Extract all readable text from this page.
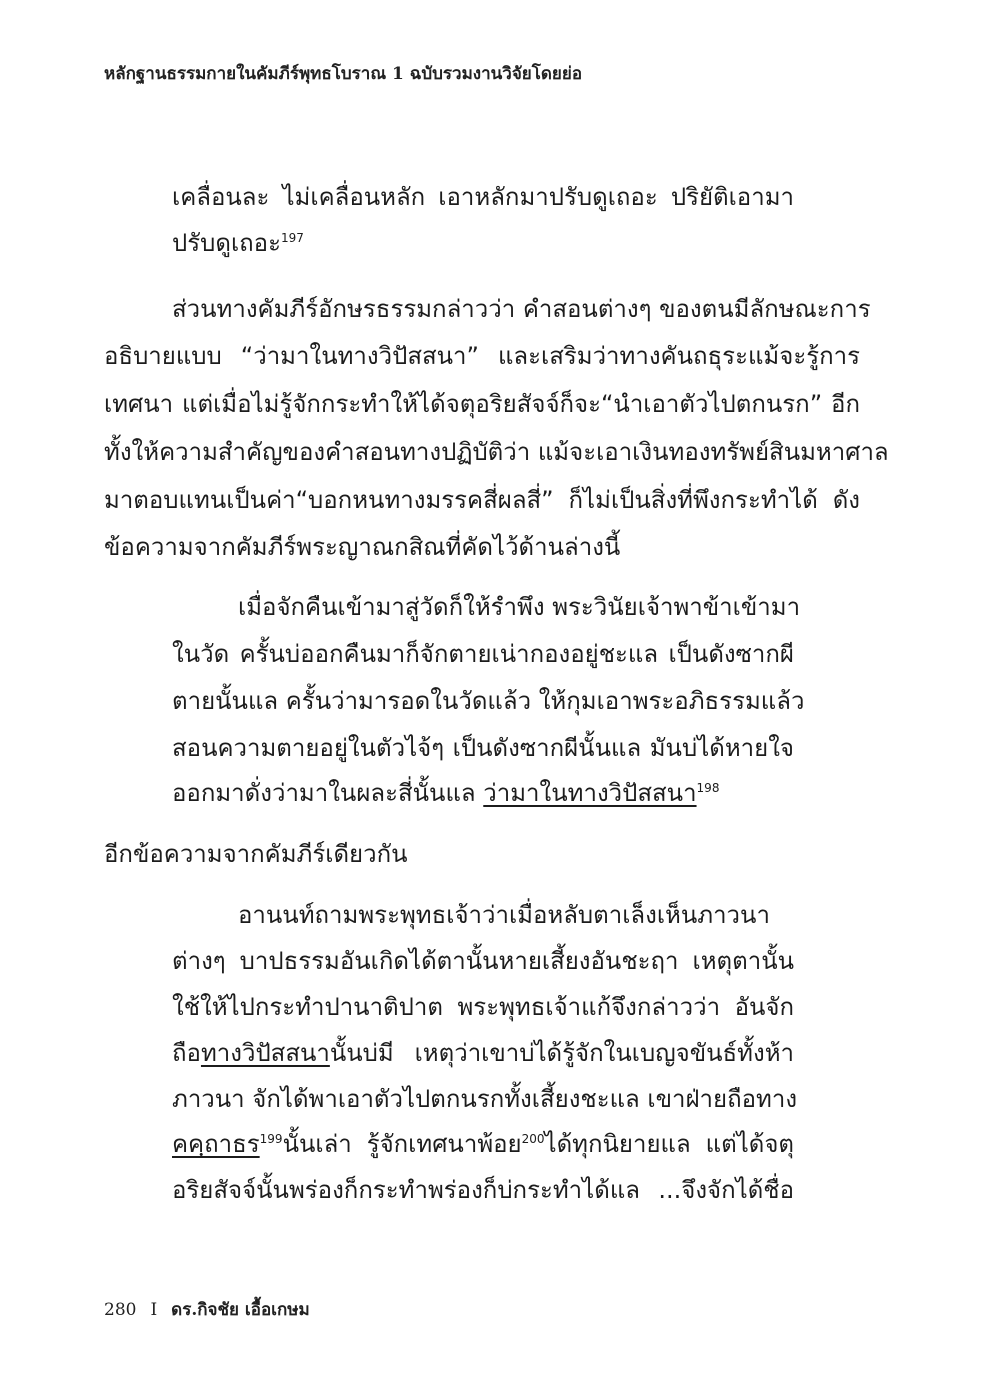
หลักฐานธรรมกายในคัมภีร์พุทธโบราณ 1 ฉบับรวมงานวิจัยโดยย่อ
เคลื่อนละ ไม่เคลื่อนหลัก เอาหลักมาปรับดูเถอะ ปริยัติเอามา
ปรับดูเถอะ$^{197}$
ส่วนทางคัมภีร์อักษรธรรมกล่าวว่า คำสอนต่างๆ ของตนมีลักษณะการ
อธิบายแบบ “ว่ามาในทางวิปัสสนา” และเสริมว่าทางคันถธุระแม้จะรู้การ
เทศนา แต่เมื่อไม่รู้จักกระทำให้ได้จตุอริยสัจจ์ก็จะ“นำเอาตัวไปตกนรก” อีก
ทั้งให้ความสำคัญของคำสอนทางปฏิบัติว่า แม้จะเอาเงินทองทรัพย์สินมหาศาล
มาตอบแทนเป็นค่า“บอกหนทางมรรคสี่ผลสี่” ก็ไม่เป็นสิ่งที่พึงกระทำได้ ดัง
ข้อความจากคัมภีร์พระญาณกสิณที่คัดไว้ด้านล่างนี้
เมื่อจักคืนเข้ามาสู่วัดก็ให้รำพึง พระวินัยเจ้าพาข้าเข้ามา
ในวัด ครั้นบ่ออกคืนมาก็จักตายเน่ากองอยู่ชะแล เป็นดังซากผี
ตายนั้นแล ครั้นว่ามารอดในวัดแล้ว ให้กุมเอาพระอภิธรรมแล้ว
สอนความตายอยู่ในตัวไจ้ๆ เป็นดังซากผีนั้นแล มันบ่ได้หายใจ
ออกมาดั่งว่ามาในผละสี่นั้นแล ว่ามาในทางวิปัสสนา$^{198}$
อีกข้อความจากคัมภีร์เดียวกัน
อานนท์ถามพระพุทธเจ้าว่าเมื่อหลับตาเล็งเห็นภาวนา
ต่างๆ บาปธรรมอันเกิดได้ตานั้นหายเสี้ยงอันชะฤา เหตุตานั้น
ใช้ให้ไปกระทำปานาติปาต พระพุทธเจ้าแก้จึงกล่าวว่า อันจัก
ถือทางวิปัสสนานั้นบ่มี เหตุว่าเขาบ่ได้รู้จักในเบญจขันธ์ทั้งห้า
ภาวนา จักได้พาเอาตัวไปตกนรกทั้งเสี้ยงชะแล เขาฝ่ายถือทาง
คคฺถาธร$^{199}$นั้นเล่า รู้จักเทศนาพ้อย$^{200}$ได้ทุกนิยายแล แต่ได้จตุ
อริยสัจจ์นั้นพร่องก็กระทำพร่องก็บ่กระทำได้แล ...จึงจักได้ชื่อ
280 I ดร.กิจชัย เอื้อเกษม
